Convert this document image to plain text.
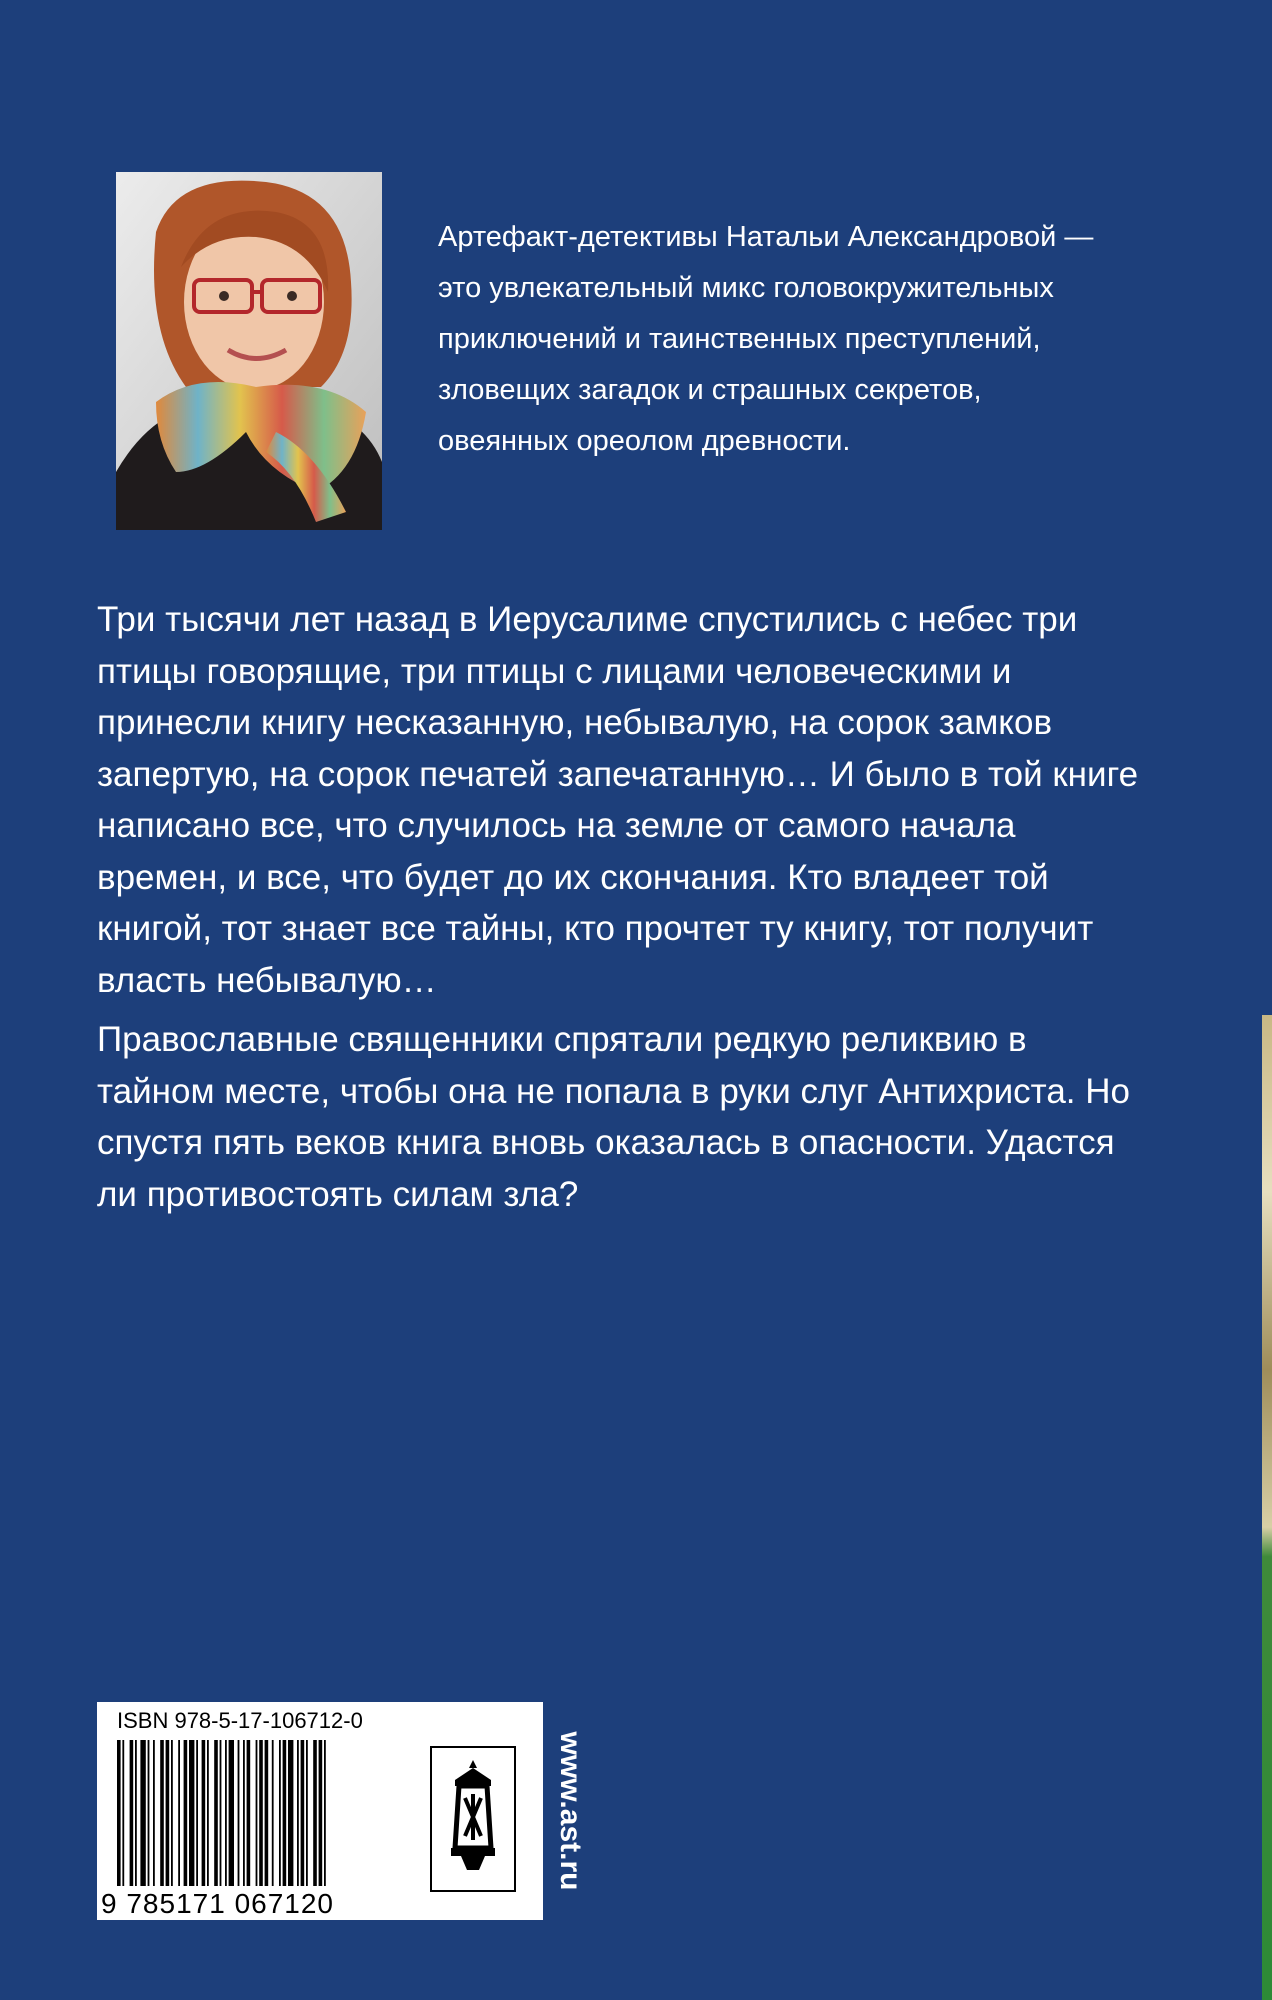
Артефакт-детективы Натальи Александровой —
это увлекательный микс головокружительных
приключений и таинственных преступлений,
зловещих загадок и страшных секретов,
овеянных ореолом древности.

Три тысячи лет назад в Иерусалиме спустились с небес три птицы говорящие, три птицы с лицами человеческими и принесли книгу несказанную, небывалую, на сорок замков запертую, на сорок печатей запечатанную… И было в той книге написано все, что случилось на земле от самого начала времен, и все, что будет до их скончания. Кто владеет той книгой, тот знает все тайны, кто прочтет ту книгу, тот получит власть небывалую…

Православные священники спрятали редкую реликвию в тайном месте, чтобы она не попала в руки слуг Антихриста. Но спустя пять веков книга вновь оказалась в опасности. Удастся ли противостоять силам зла?

ISBN 978-5-17-106712-0
9 785171 067120
www.ast.ru
